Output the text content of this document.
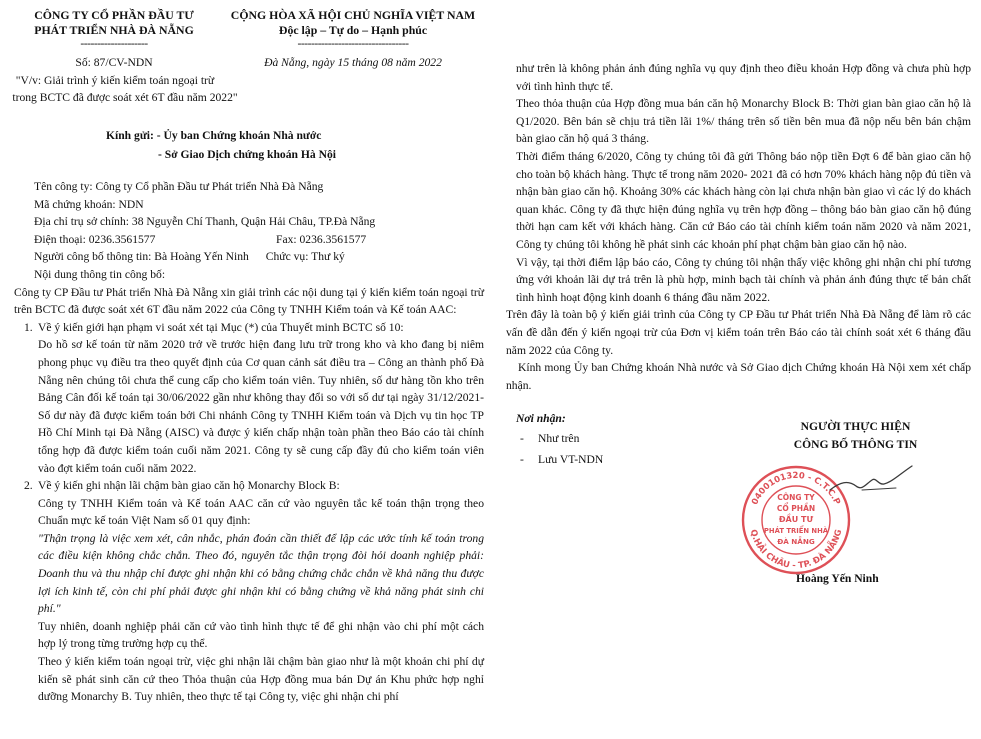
CÔNG TY CỔ PHẦN ĐẦU TƯ
PHÁT TRIỂN NHÀ ĐÀ NẴNG
--------------------
Số: 87/CV-NDN
"V/v: Giải trình ý kiến kiểm toán ngoại trừ
trong BCTC đã được soát xét 6T đầu năm 2022"
CỘNG HÒA XÃ HỘI CHỦ NGHĨA VIỆT NAM
Độc lập – Tự do – Hạnh phúc
---------------------------------
Đà Nẵng, ngày 15 tháng 08 năm 2022
Kính gửi: - Ủy ban Chứng khoán Nhà nước
- Sở Giao Dịch chứng khoán Hà Nội

Tên công ty: Công ty Cổ phần Đầu tư Phát triển Nhà Đà Nẵng

Mã chứng khoán: NDN

Địa chỉ trụ sở chính: 38 Nguyễn Chí Thanh, Quận Hải Châu, TP.Đà Nẵng

Điện thoại: 0236.3561577	Fax: 0236.3561577

Người công bố thông tin: Bà Hoàng Yến Ninh Chức vụ: Thư ký

Nội dung thông tin công bố:

Công ty CP Đầu tư Phát triển Nhà Đà Nẵng xin giải trình các nội dung tại ý kiến kiểm toán ngoại trừ trên BCTC đã được soát xét 6T đầu năm 2022 của Công ty TNHH Kiểm toán và Kế toán AAC:
1. Về ý kiến giới hạn phạm vi soát xét tại Mục (*) của Thuyết minh BCTC số 10:
Do hồ sơ kế toán từ năm 2020 trở về trước hiện đang lưu trữ trong kho và kho đang bị niêm phong phục vụ điều tra theo quyết định của Cơ quan cảnh sát điều tra – Công an thành phố Đà Nẵng nên chúng tôi chưa thể cung cấp cho kiểm toán viên. Tuy nhiên, số dư hàng tồn kho trên Bảng Cân đối kế toán tại 30/06/2022 gần như không thay đổi so với số dư tại ngày 31/12/2021- Số dư này đã được kiểm toán bởi Chi nhánh Công ty TNHH Kiểm toán và Dịch vụ tin học TP Hồ Chí Minh tại Đà Nẵng (AISC) và được ý kiến chấp nhận toàn phần theo Báo cáo tài chính tổng hợp đã được kiểm toán cuối năm 2021. Công ty sẽ cung cấp đầy đủ cho kiểm toán viên vào đợt kiểm toán cuối năm 2022.
2. Về ý kiến ghi nhận lãi chậm bàn giao căn hộ Monarchy Block B:
Công ty TNHH Kiểm toán và Kế toán AAC căn cứ vào nguyên tắc kế toán thận trọng theo Chuẩn mực kế toán Việt Nam số 01 quy định:
"Thận trọng là việc xem xét, cân nhắc, phán đoán cần thiết để lập các ước tính kế toán trong các điều kiện không chắc chắn. Theo đó, nguyên tắc thận trọng đòi hỏi doanh nghiệp phải: Doanh thu và thu nhập chỉ được ghi nhận khi có bằng chứng chắc chắn về khả năng thu được lợi ích kinh tế, còn chi phí phải được ghi nhận khi có bằng chứng về khả năng phát sinh chi phí."
Tuy nhiên, doanh nghiệp phải căn cứ vào tình hình thực tế để ghi nhận vào chi phí một cách hợp lý trong từng trường hợp cụ thể.
Theo ý kiến kiểm toán ngoại trừ, việc ghi nhận lãi chậm bàn giao như là một khoản chi phí dự kiến sẽ phát sinh căn cứ theo Thỏa thuận của Hợp đồng mua bán Dự án Khu phức hợp nghỉ dưỡng Monarchy B. Tuy nhiên, theo thực tế tại Công ty, việc ghi nhận chi phí
như trên là không phản ánh đúng nghĩa vụ quy định theo điều khoản Hợp đồng và chưa phù hợp với tình hình thực tế.
Theo thỏa thuận của Hợp đồng mua bán căn hộ Monarchy Block B: Thời gian bàn giao căn hộ là Q1/2020. Bên bán sẽ chịu trả tiền lãi 1%/ tháng trên số tiền bên mua đã nộp nếu bên bán chậm bàn giao căn hộ quá 3 tháng.
Thời điểm tháng 6/2020, Công ty chúng tôi đã gửi Thông báo nộp tiền Đợt 6 để bàn giao căn hộ cho toàn bộ khách hàng. Thực tế trong năm 2020- 2021 đã có hơn 70% khách hàng nộp đủ tiền và nhận bàn giao căn hộ. Khoảng 30% các khách hàng còn lại chưa nhận bàn giao vì các lý do khách quan khác. Công ty đã thực hiện đúng nghĩa vụ trên hợp đồng – thông báo bàn giao căn hộ đúng thời hạn cam kết với khách hàng. Căn cứ Báo cáo tài chính kiểm toán năm 2020 và năm 2021, Công ty chúng tôi không hề phát sinh các khoản phí phạt chậm bàn giao căn hộ nào.
Vì vậy, tại thời điểm lập báo cáo, Công ty chúng tôi nhận thấy việc không ghi nhận chi phí tương ứng với khoản lãi dự trả trên là phù hợp, minh bạch tài chính và phản ánh đúng thực tế bản chất tình hình hoạt động kinh doanh 6 tháng đầu năm 2022.
Trên đây là toàn bộ ý kiến giải trình của Công ty CP Đầu tư Phát triển Nhà Đà Nẵng để làm rõ các vấn đề dẫn đến ý kiến ngoại trừ của Đơn vị kiểm toán trên Báo cáo tài chính soát xét 6 tháng đầu năm 2022 của Công ty.
Kính mong Ủy ban Chứng khoán Nhà nước và Sở Giao dịch Chứng khoán Hà Nội xem xét chấp nhận.
Nơi nhận:
- Như trên
- Lưu VT-NDN
NGƯỜI THỰC HIỆN
CÔNG BỐ THÔNG TIN
0400101320 - C.T.C.P
Q.HẢI CHÂU - TP. ĐÀ NẴNG
CÔNG TY
CỔ PHẦN
ĐẦU TƯ
PHÁT TRIỂN NHÀ
ĐÀ NẴNG
Hoàng Yến Ninh
